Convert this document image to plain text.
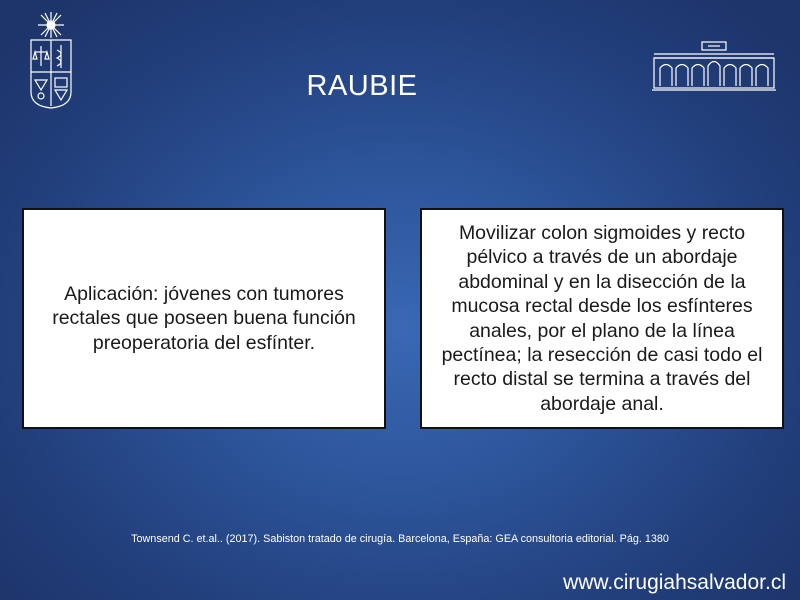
RAUBIE
Aplicación: jóvenes con tumores rectales que poseen buena función preoperatoria del esfínter.
Movilizar colon sigmoides y recto pélvico a través de un abordaje abdominal y en la disección de la mucosa rectal desde los esfínteres anales, por el plano de la línea pectínea; la resección de casi todo el recto distal se termina a través del abordaje anal.
Townsend C. et.al.. (2017). Sabiston tratado de cirugía. Barcelona, España: GEA consultoria editorial. Pág. 1380
www.cirugiahsalvador.cl
